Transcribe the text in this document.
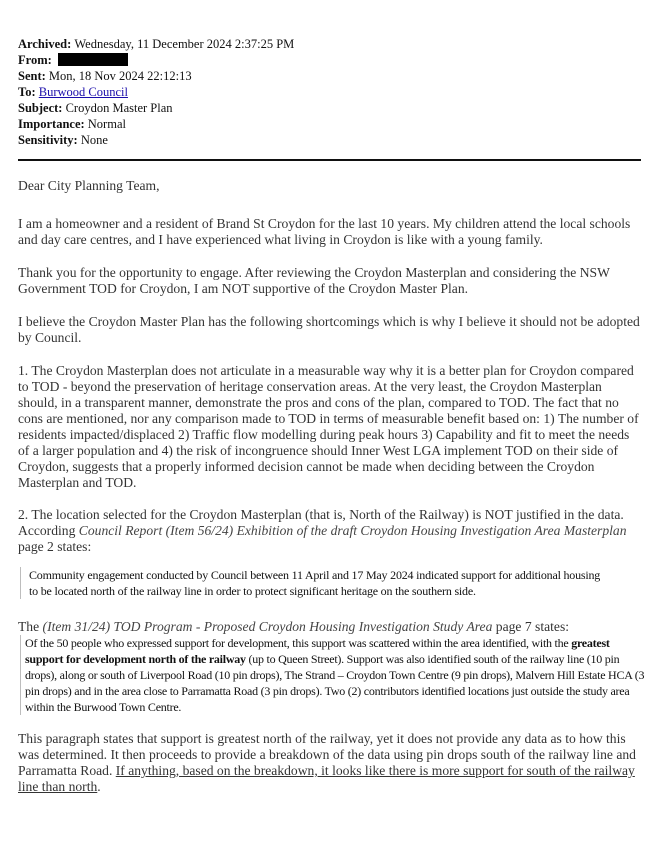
Archived: Wednesday, 11 December 2024 2:37:25 PM
From:
Sent: Mon, 18 Nov 2024 22:12:13
To: Burwood Council
Subject: Croydon Master Plan
Importance: Normal
Sensitivity: None

Dear City Planning Team,

I am a homeowner and a resident of Brand St Croydon for the last 10 years. My children attend the local schools and day care centres, and I have experienced what living in Croydon is like with a young family.

Thank you for the opportunity to engage. After reviewing the Croydon Masterplan and considering the NSW Government TOD for Croydon, I am NOT supportive of the Croydon Master Plan.

I believe the Croydon Master Plan has the following shortcomings which is why I believe it should not be adopted by Council.

1. The Croydon Masterplan does not articulate in a measurable way why it is a better plan for Croydon compared to TOD - beyond the preservation of heritage conservation areas. At the very least, the Croydon Masterplan should, in a transparent manner, demonstrate the pros and cons of the plan, compared to TOD. The fact that no cons are mentioned, nor any comparison made to TOD in terms of measurable benefit based on: 1) The number of residents impacted/displaced 2) Traffic flow modelling during peak hours 3) Capability and fit to meet the needs of a larger population and 4) the risk of incongruence should Inner West LGA implement TOD on their side of Croydon, suggests that a properly informed decision cannot be made when deciding between the Croydon Masterplan and TOD.

2. The location selected for the Croydon Masterplan (that is, North of the Railway) is NOT justified in the data. According Council Report (Item 56/24) Exhibition of the draft Croydon Housing Investigation Area Masterplan page 2 states:

Community engagement conducted by Council between 11 April and 17 May 2024 indicated support for additional housing
to be located north of the railway line in order to protect significant heritage on the southern side.

The (Item 31/24) TOD Program - Proposed Croydon Housing Investigation Study Area page 7 states:

Of the 50 people who expressed support for development, this support was scattered within the area identified, with the greatest support for development north of the railway (up to Queen Street). Support was also identified south of the railway line (10 pin drops), along or south of Liverpool Road (10 pin drops), The Strand – Croydon Town Centre (9 pin drops), Malvern Hill Estate HCA (3 pin drops) and in the area close to Parramatta Road (3 pin drops). Two (2) contributors identified locations just outside the study area within the Burwood Town Centre.

This paragraph states that support is greatest north of the railway, yet it does not provide any data as to how this was determined. It then proceeds to provide a breakdown of the data using pin drops south of the railway line and Parramatta Road. If anything, based on the breakdown, it looks like there is more support for south of the railway line than north.
